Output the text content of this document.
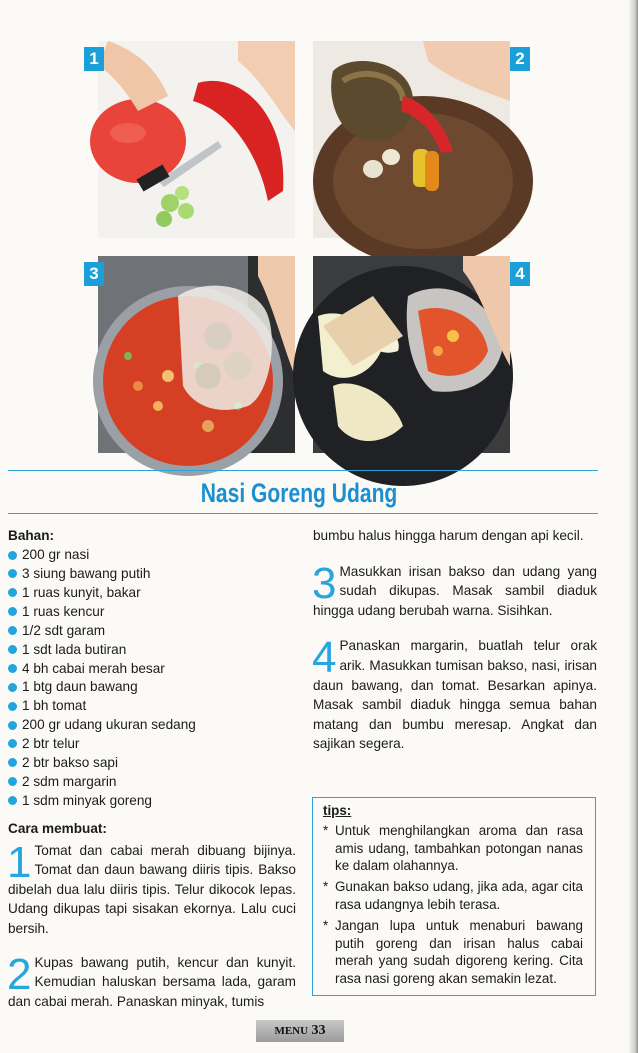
1	2
3	4
Nasi Goreng Udang

Bahan:

200 gr nasi
3 siung bawang putih
1 ruas kunyit, bakar
1 ruas kencur
1/2 sdt garam
1 sdt lada butiran
4 bh cabai merah besar
1 btg daun bawang
1 bh tomat
200 gr udang ukuran sedang
2 btr telur
2 btr bakso sapi
2 sdm margarin
1 sdm minyak goreng

Cara membuat:

1 Tomat dan cabai merah dibuang bijinya. Tomat dan daun bawang diiris tipis. Bakso dibelah dua lalu diiris tipis. Telur dikocok lepas. Udang dikupas tapi sisakan ekornya. Lalu cuci bersih.

2 Kupas bawang putih, kencur dan kunyit. Kemudian haluskan bersama lada, garam dan cabai merah. Panaskan minyak, tumis

bumbu halus hingga harum dengan api kecil.

3 Masukkan irisan bakso dan udang yang sudah dikupas. Masak sambil diaduk hingga udang berubah warna. Sisihkan.

4 Panaskan margarin, buatlah telur orak arik. Masukkan tumisan bakso, nasi, irisan daun bawang, dan tomat. Besarkan apinya. Masak sambil diaduk hingga semua bahan matang dan bumbu meresap. Angkat dan sajikan segera.

tips:

* Untuk menghilangkan aroma dan rasa amis udang, tambahkan potongan nanas ke dalam olahannya.
* Gunakan bakso udang, jika ada, agar cita rasa udangnya lebih terasa.
* Jangan lupa untuk menaburi bawang putih goreng dan irisan halus cabai merah yang sudah digoreng kering. Cita rasa nasi goreng akan semakin lezat.
MENU 33
